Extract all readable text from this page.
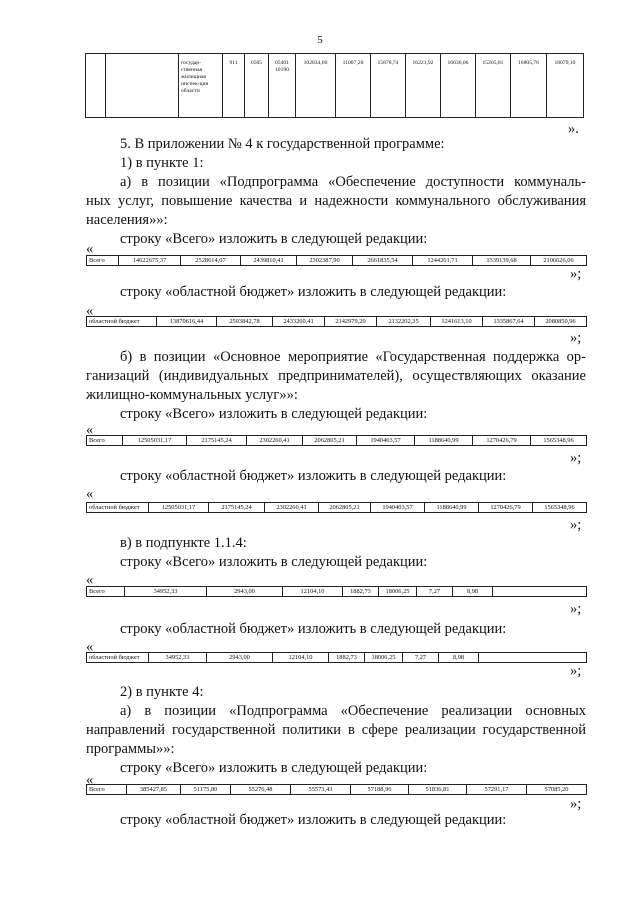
5
		государ-ственная жилищная инспек-ция области	911	0505	05401 10190	102834,60	11007,20	15878,74	16221,92	16636,06	15205,81	16805,76	18079,10
».
5. В приложении № 4 к государственной программе:
1) в пункте 1:
а) в позиции «Подпрограмма «Обеспечение доступности коммуналь-
ных услуг, повышение качества и надежности коммунального обслуживания
населения»»:
строку «Всего» изложить в следующей редакции:
«
Всего	14622675,37	2528614,07	2439810,41	2302387,90	2661835,54	1244261,71	1339139,68	2106626,06
»;
строку «областной бюджет» изложить в следующей редакции:
«
областной бюджет	13870616,44	2503842,78	2433260,41	2142979,20	2132202,35	1241613,10	1335867,64	2080850,96
»;
б) в позиции «Основное мероприятие «Государственная поддержка ор-
ганизаций (индивидуальных предпринимателей), осуществляющих оказание
жилищно-коммунальных услуг»»:
строку «Всего» изложить в следующей редакции:
«
Всего	12505031,17	2175145,24	2302260,41	2062805,21	1940403,57	1188640,99	1270426,79	1565348,96
»;
строку «областной бюджет» изложить в следующей редакции:
«
областной бюджет	12505031,17	2175145,24	2302260,41	2062805,21	1940403,57	1188640,99	1270426,79	1565348,96
»;
в) в подпункте 1.1.4:
строку «Всего» изложить в следующей редакции:
«
Всего	34952,33	2943,00	12104,10	1882,73	18006,25	7,27	8,98	
»;
строку «областной бюджет» изложить в следующей редакции:
«
областной бюджет	34952,33	2943,00	12104,10	1882,73	18006,25	7,27	8,98	
»;
2) в пункте 4:
а) в позиции «Подпрограмма «Обеспечение реализации основных
направлений государственной политики в сфере реализации государственной
программы»»:
строку «Всего» изложить в следующей редакции:
«
Всего	385427,85	51175,80	55276,48	55573,43	57188,96	51836,81	57291,17	57085,20
»;
строку «областной бюджет» изложить в следующей редакции:
